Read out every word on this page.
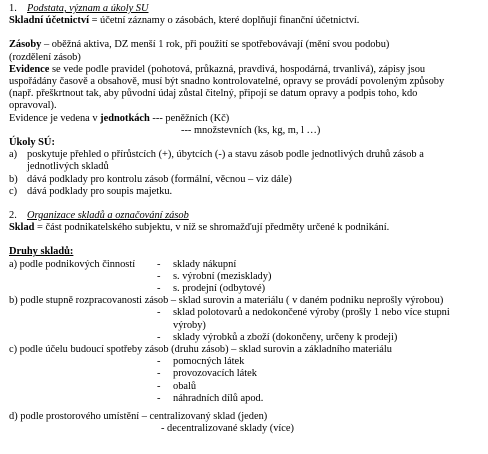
1. Podstata, význam a úkoly SU
Skladní účetnictví = účetní záznamy o zásobách, které doplňují finanční účetnictví.
Zásoby – oběžná aktiva, DZ menší 1 rok, při použití se spotřebovávají (mění svou podobu)
(rozdělení zásob)
Evidence se vede podle pravidel (pohotová, průkazná, pravdivá, hospodárná, trvanlivá), zápisy jsou
uspořádány časově a obsahově, musí být snadno kontrolovatelné, opravy se provádí povoleným způsoby
(např. přeškrtnout tak, aby původní údaj zůstal čitelný, připojí se datum opravy a podpis toho, kdo
opravoval).
Evidence je vedena v jednotkách --- peněžních (Kč)
--- množstevních (ks, kg, m, l …)
Úkoly SÚ:
a) poskytuje přehled o přírůstcích (+), úbytcích (-) a stavu zásob podle jednotlivých druhů zásob a
jednotlivých skladů
b) dává podklady pro kontrolu zásob (formální, věcnou – viz dále)
c) dává podklady pro soupis majetku.
2. Organizace skladů a označování zásob
Sklad = část podnikatelského subjektu, v níž se shromažďují předměty určené k podnikání.
Druhy skladů:
a) podle podnikových činností - sklady nákupní
- s. výrobní (mezisklady)
- s. prodejní (odbytové)
b) podle stupně rozpracovanosti zásob – sklad surovin a materiálu ( v daném podniku neprošly výrobou)
- sklad polotovarů a nedokončené výroby (prošly 1 nebo více stupni
výroby)
- sklady výrobků a zboží (dokončeny, určeny k prodeji)
c) podle účelu budoucí spotřeby zásob (druhu zásob) – sklad surovin a základního materiálu
- pomocných látek
- provozovacích látek
- obalů
- náhradních dílů apod.
d) podle prostorového umístění – centralizovaný sklad (jeden)
- decentralizované sklady (více)
